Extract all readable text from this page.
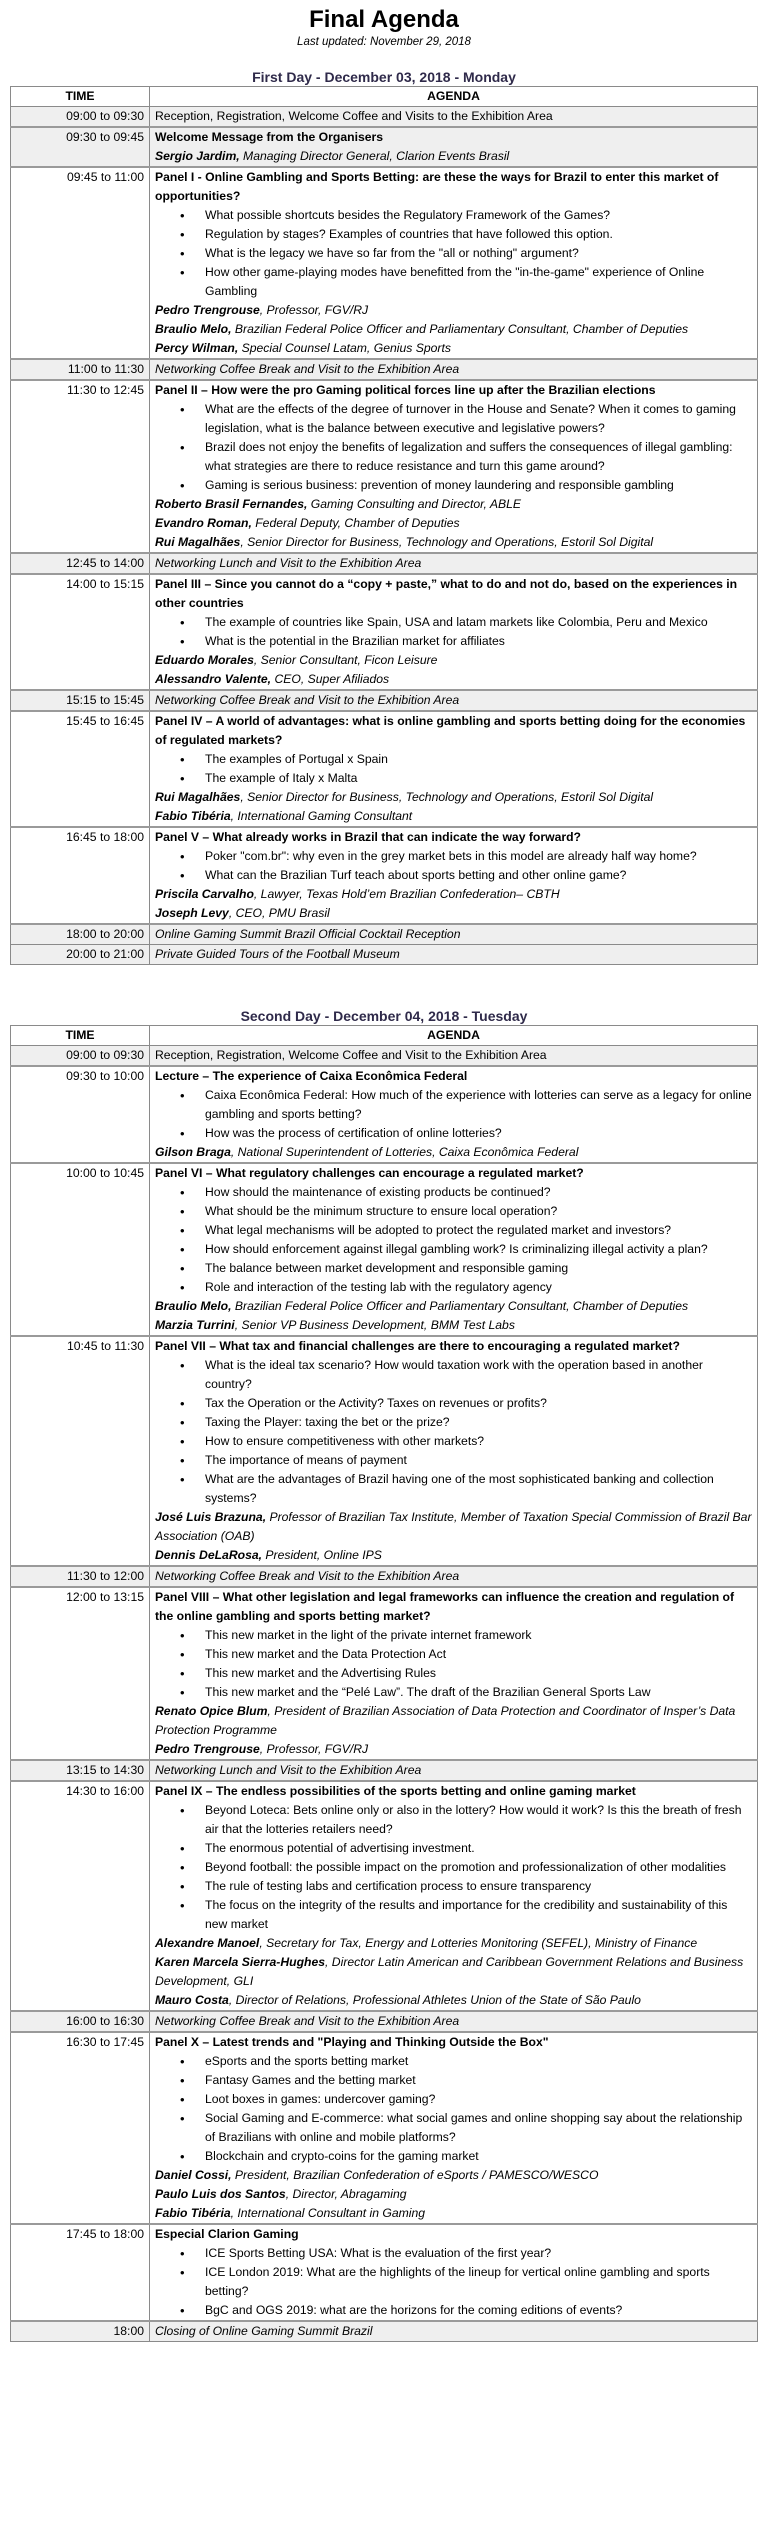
Final Agenda

Last updated: November 29, 2018

First Day - December 03, 2018 - Monday
TIME	AGENDA
09:00 to 09:30	Reception, Registration, Welcome Coffee and Visits to the Exhibition Area
09:30 to 09:45	Welcome Message from the Organisers
Sergio Jardim, Managing Director General, Clarion Events Brasil

09:45 to 11:00	Panel I - Online Gambling and Sports Betting: are these the ways for Brazil to enter this market of opportunities?
• What possible shortcuts besides the Regulatory Framework of the Games?
• Regulation by stages? Examples of countries that have followed this option.
• What is the legacy we have so far from the "all or nothing" argument?
• How other game-playing modes have benefitted from the "in-the-game" experience of Online Gambling
Pedro Trengrouse, Professor, FGV/RJ
Braulio Melo, Brazilian Federal Police Officer and Parliamentary Consultant, Chamber of Deputies
Percy Wilman, Special Counsel Latam, Genius Sports

11:00 to 11:30	Networking Coffee Break and Visit to the Exhibition Area
11:30 to 12:45	Panel II – How were the pro Gaming political forces line up after the Brazilian elections
• What are the effects of the degree of turnover in the House and Senate? When it comes to gaming legislation, what is the balance between executive and legislative powers?
• Brazil does not enjoy the benefits of legalization and suffers the consequences of illegal gambling: what strategies are there to reduce resistance and turn this game around?
• Gaming is serious business: prevention of money laundering and responsible gambling
Roberto Brasil Fernandes, Gaming Consulting and Director, ABLE
Evandro Roman, Federal Deputy, Chamber of Deputies
Rui Magalhães, Senior Director for Business, Technology and Operations, Estoril Sol Digital

12:45 to 14:00	Networking Lunch and Visit to the Exhibition Area
14:00 to 15:15	Panel III – Since you cannot do a “copy + paste,” what to do and not do, based on the experiences in other countries
• The example of countries like Spain, USA and latam markets like Colombia, Peru and Mexico
• What is the potential in the Brazilian market for affiliates
Eduardo Morales, Senior Consultant, Ficon Leisure
Alessandro Valente, CEO, Super Afiliados

15:15 to 15:45	Networking Coffee Break and Visit to the Exhibition Area
15:45 to 16:45	Panel IV – A world of advantages: what is online gambling and sports betting doing for the economies of regulated markets?
• The examples of Portugal x Spain
• The example of Italy x Malta
Rui Magalhães, Senior Director for Business, Technology and Operations, Estoril Sol Digital
Fabio Tibéria, International Gaming Consultant

16:45 to 18:00	Panel V – What already works in Brazil that can indicate the way forward?
• Poker "com.br": why even in the grey market bets in this model are already half way home?
• What can the Brazilian Turf teach about sports betting and other online game?
Priscila Carvalho, Lawyer, Texas Hold’em Brazilian Confederation– CBTH
Joseph Levy, CEO, PMU Brasil

18:00 to 20:00	Online Gaming Summit Brazil Official Cocktail Reception
20:00 to 21:00	Private Guided Tours of the Football Museum
Second Day - December 04, 2018 - Tuesday
TIME	AGENDA
09:00 to 09:30	Reception, Registration, Welcome Coffee and Visit to the Exhibition Area
09:30 to 10:00	Lecture – The experience of Caixa Econômica Federal
• Caixa Econômica Federal: How much of the experience with lotteries can serve as a legacy for online gambling and sports betting?
• How was the process of certification of online lotteries?
Gilson Braga, National Superintendent of Lotteries, Caixa Econômica Federal

10:00 to 10:45	Panel VI – What regulatory challenges can encourage a regulated market?
• How should the maintenance of existing products be continued?
• What should be the minimum structure to ensure local operation?
• What legal mechanisms will be adopted to protect the regulated market and investors?
• How should enforcement against illegal gambling work? Is criminalizing illegal activity a plan?
• The balance between market development and responsible gaming
• Role and interaction of the testing lab with the regulatory agency
Braulio Melo, Brazilian Federal Police Officer and Parliamentary Consultant, Chamber of Deputies
Marzia Turrini, Senior VP Business Development, BMM Test Labs

10:45 to 11:30	Panel VII – What tax and financial challenges are there to encouraging a regulated market?
• What is the ideal tax scenario? How would taxation work with the operation based in another country?
• Tax the Operation or the Activity? Taxes on revenues or profits?
• Taxing the Player: taxing the bet or the prize?
• How to ensure competitiveness with other markets?
• The importance of means of payment
• What are the advantages of Brazil having one of the most sophisticated banking and collection systems?
José Luis Brazuna, Professor of Brazilian Tax Institute, Member of Taxation Special Commission of Brazil Bar Association (OAB)
Dennis DeLaRosa, President, Online IPS

11:30 to 12:00	Networking Coffee Break and Visit to the Exhibition Area
12:00 to 13:15	Panel VIII – What other legislation and legal frameworks can influence the creation and regulation of the online gambling and sports betting market?
• This new market in the light of the private internet framework
• This new market and the Data Protection Act
• This new market and the Advertising Rules
• This new market and the “Pelé Law”. The draft of the Brazilian General Sports Law
Renato Opice Blum, President of Brazilian Association of Data Protection and Coordinator of Insper’s Data Protection Programme
Pedro Trengrouse, Professor, FGV/RJ

13:15 to 14:30	Networking Lunch and Visit to the Exhibition Area
14:30 to 16:00	Panel IX – The endless possibilities of the sports betting and online gaming market
• Beyond Loteca: Bets online only or also in the lottery? How would it work? Is this the breath of fresh air that the lotteries retailers need?
• The enormous potential of advertising investment.
• Beyond football: the possible impact on the promotion and professionalization of other modalities
• The rule of testing labs and certification process to ensure transparency
• The focus on the integrity of the results and importance for the credibility and sustainability of this new market
Alexandre Manoel, Secretary for Tax, Energy and Lotteries Monitoring (SEFEL), Ministry of Finance
Karen Marcela Sierra-Hughes, Director Latin American and Caribbean Government Relations and Business Development, GLI
Mauro Costa, Director of Relations, Professional Athletes Union of the State of São Paulo

16:00 to 16:30	Networking Coffee Break and Visit to the Exhibition Area
16:30 to 17:45	Panel X – Latest trends and "Playing and Thinking Outside the Box"
• eSports and the sports betting market
• Fantasy Games and the betting market
• Loot boxes in games: undercover gaming?
• Social Gaming and E-commerce: what social games and online shopping say about the relationship of Brazilians with online and mobile platforms?
• Blockchain and crypto-coins for the gaming market
Daniel Cossi, President, Brazilian Confederation of eSports / PAMESCO/WESCO
Paulo Luis dos Santos, Director, Abragaming
Fabio Tibéria, International Consultant in Gaming

17:45 to 18:00	Especial Clarion Gaming
• ICE Sports Betting USA: What is the evaluation of the first year?
• ICE London 2019: What are the highlights of the lineup for vertical online gambling and sports betting?
• BgC and OGS 2019: what are the horizons for the coming editions of events?

18:00	Closing of Online Gaming Summit Brazil
